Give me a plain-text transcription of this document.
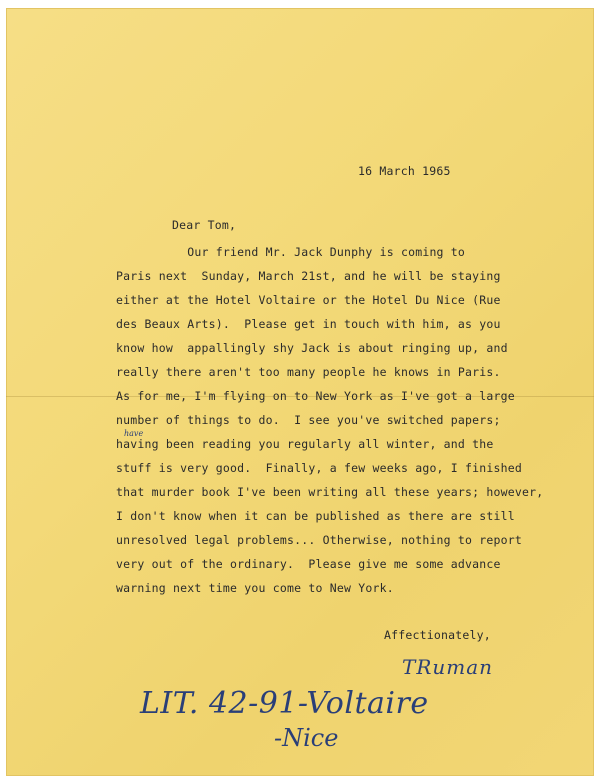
16 March 1965
Dear Tom,
Our friend Mr. Jack Dunphy is coming to
Paris next  Sunday, March 21st, and he will be staying
either at the Hotel Voltaire or the Hotel Du Nice (Rue
des Beaux Arts).  Please get in touch with him, as you
know how  appallingly shy Jack is about ringing up, and
really there aren't too many people he knows in Paris.
As for me, I'm flying on to New York as I've got a large
number of things to do.  I see you've switched papers;
have
having been reading you regularly all winter, and the
stuff is very good.  Finally, a few weeks ago, I finished
that murder book I've been writing all these years; however,
I don't know when it can be published as there are still
unresolved legal problems... Otherwise, nothing to report
very out of the ordinary.  Please give me some advance
warning next time you come to New York.
Affectionately,
TRuman
LIT. 42-91-Voltaire
-Nice
